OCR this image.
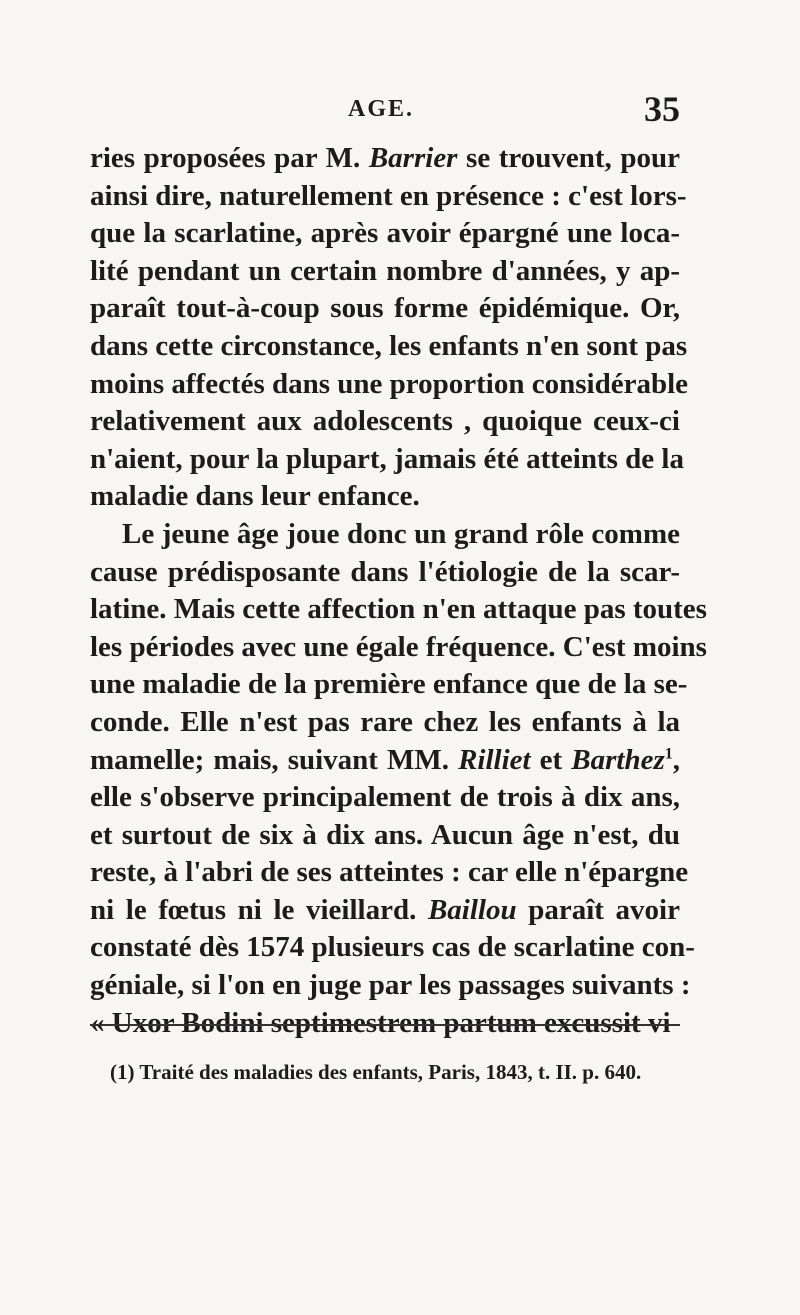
AGE.	35
ries proposées par M. Barrier se trouvent, pour
ainsi dire, naturellement en présence : c'est lors-
que la scarlatine, après avoir épargné une loca-
lité pendant un certain nombre d'années, y ap-
paraît tout-à-coup sous forme épidémique. Or,
dans cette circonstance, les enfants n'en sont pas
moins affectés dans une proportion considérable
relativement aux adolescents , quoique ceux-ci
n'aient, pour la plupart, jamais été atteints de la
maladie dans leur enfance.
Le jeune âge joue donc un grand rôle comme
cause prédisposante dans l'étiologie de la scar-
latine. Mais cette affection n'en attaque pas toutes
les périodes avec une égale fréquence. C'est moins
une maladie de la première enfance que de la se-
conde. Elle n'est pas rare chez les enfants à la
mamelle; mais, suivant MM. Rilliet et Barthez$^1$,
elle s'observe principalement de trois à dix ans,
et surtout de six à dix ans. Aucun âge n'est, du
reste, à l'abri de ses atteintes : car elle n'épargne
ni le fœtus ni le vieillard. Baillou paraît avoir
constaté dès 1574 plusieurs cas de scarlatine con-
géniale, si l'on en juge par les passages suivants :
« Uxor Bodini septimestrem partum excussit vi
(1) Traité des maladies des enfants, Paris, 1843, t. II. p. 640.
